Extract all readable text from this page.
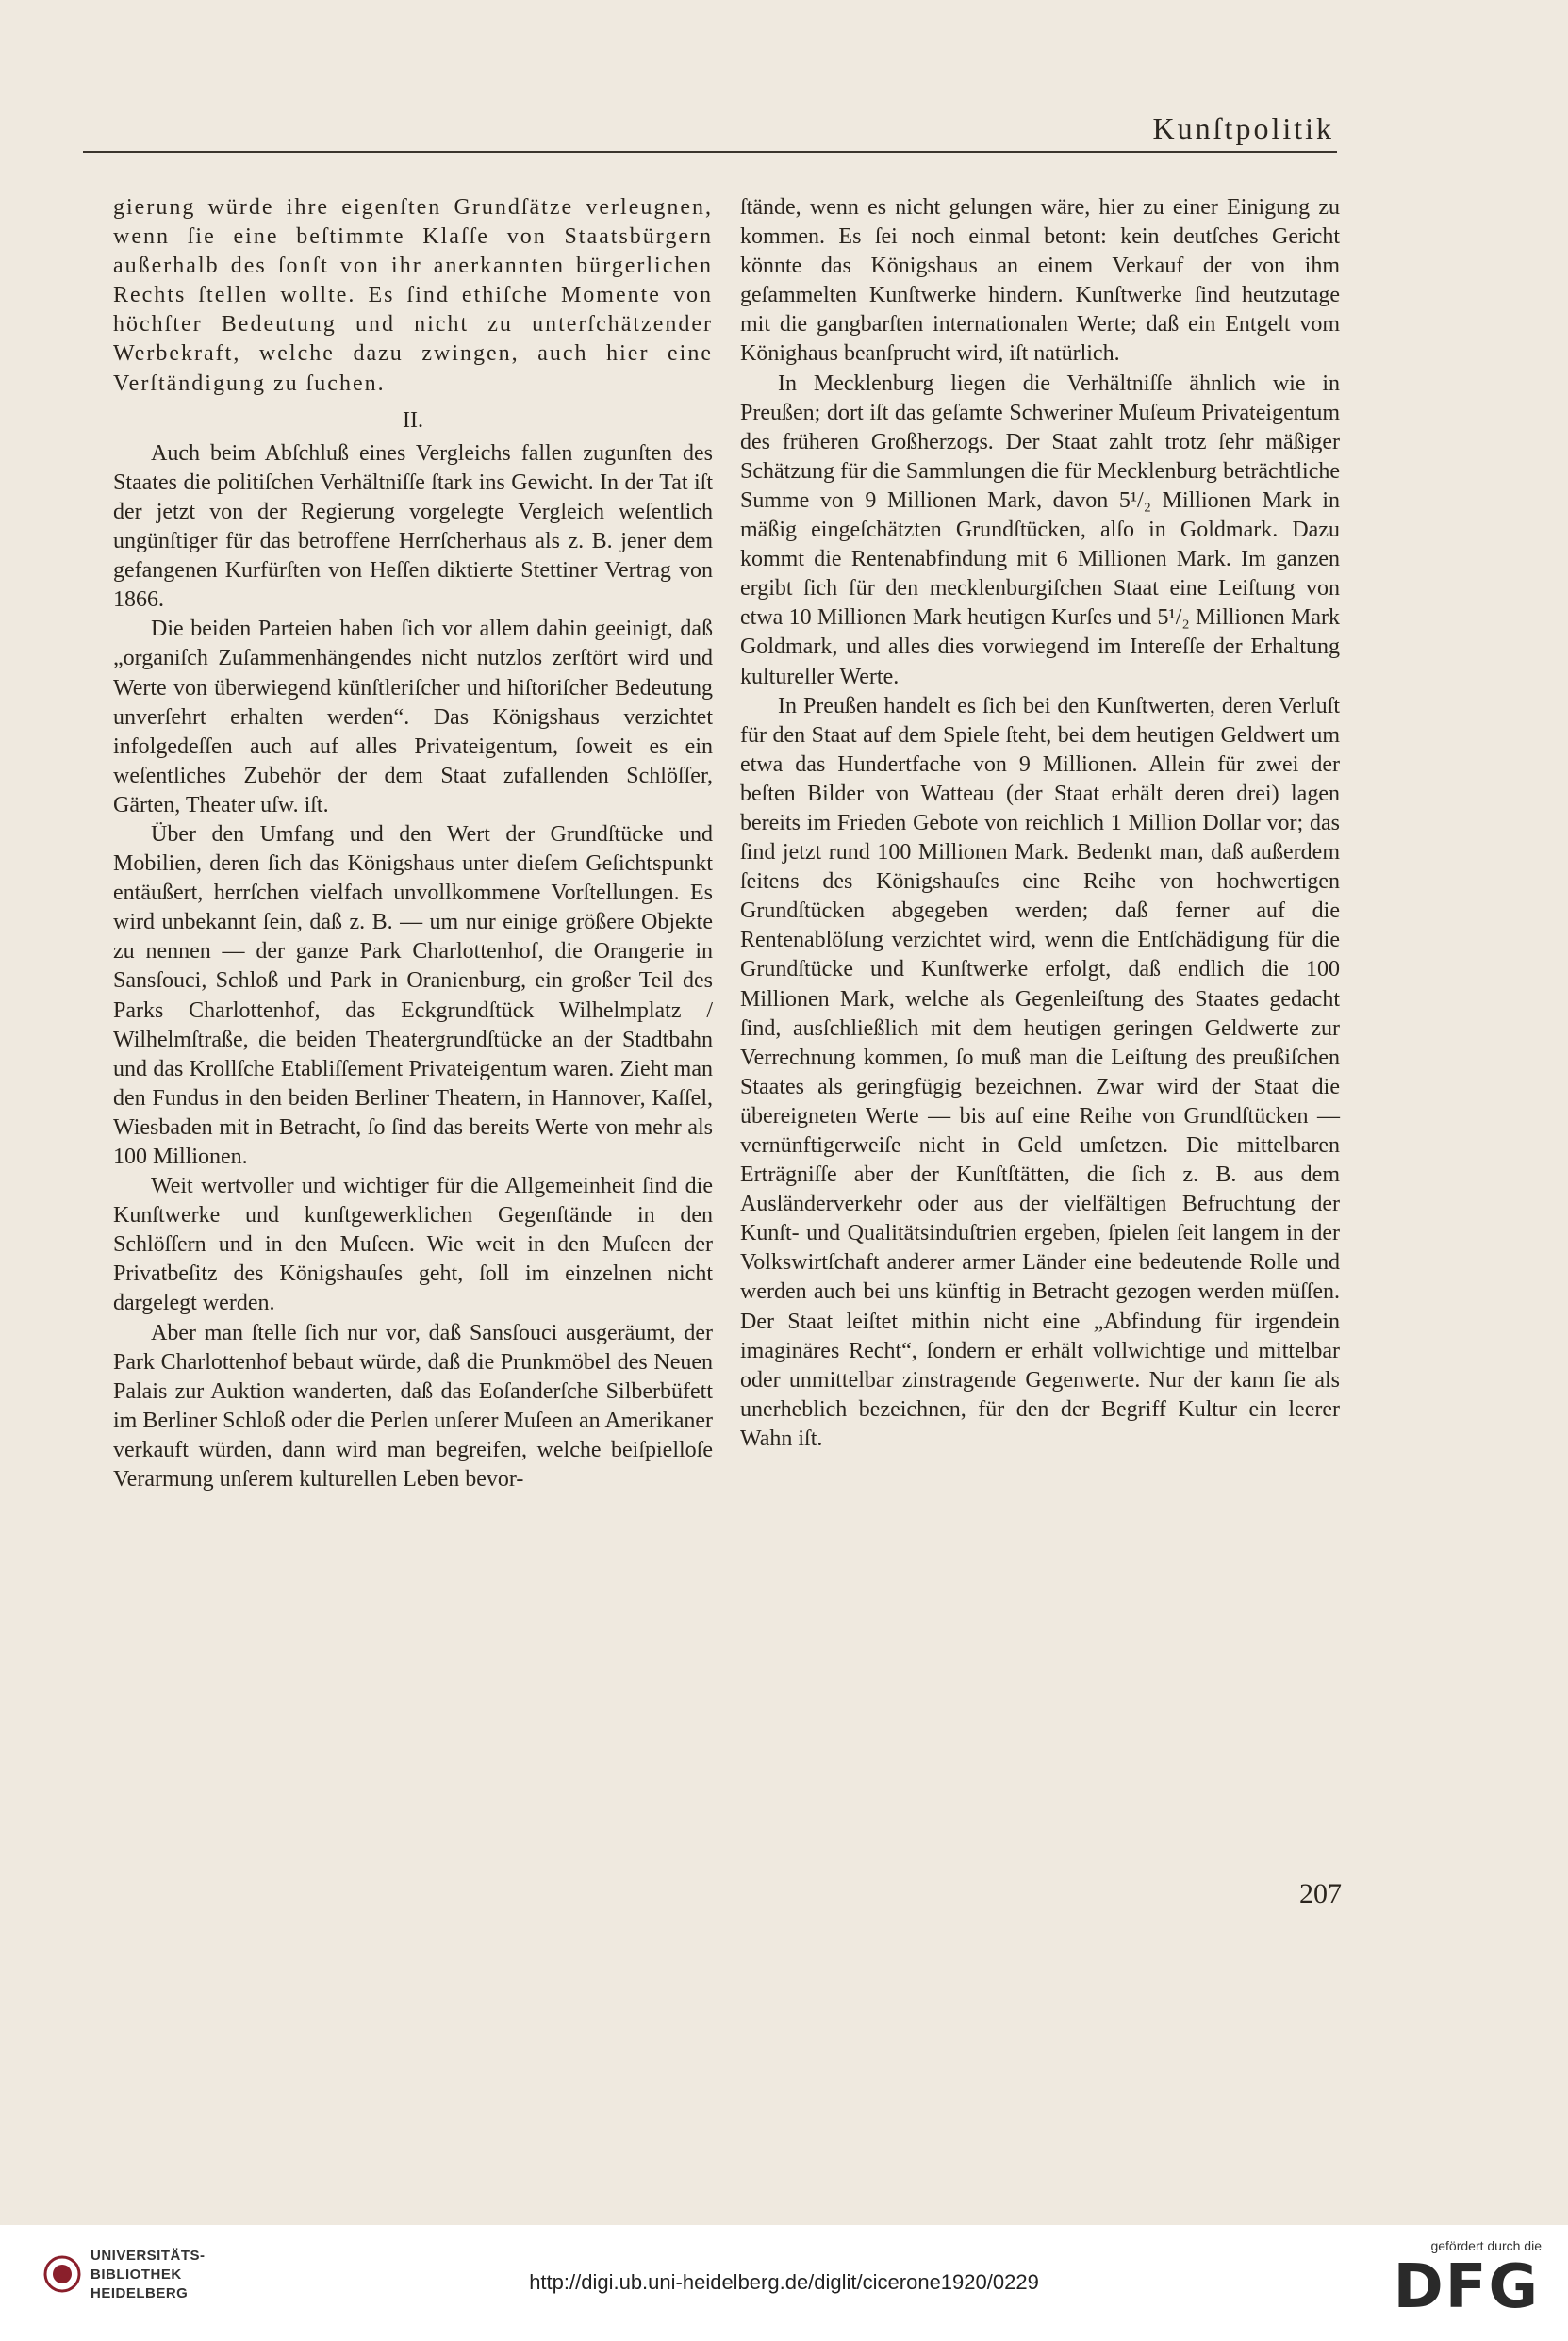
Kunſtpolitik

gierung würde ihre eigenſten Grundſätze verleugnen, wenn ſie eine beſtimmte Klaſſe von Staatsbürgern außerhalb des ſonſt von ihr anerkannten bürgerlichen Rechts ſtellen wollte. Es ſind ethiſche Momente von höchſter Bedeutung und nicht zu unterſchätzender Werbekraft, welche dazu zwingen, auch hier eine Verſtändigung zu ſuchen.

II.

Auch beim Abſchluß eines Vergleichs fallen zugunſten des Staates die politiſchen Verhältniſſe ſtark ins Gewicht. In der Tat iſt der jetzt von der Regierung vorgelegte Vergleich weſentlich ungünſtiger für das betroffene Herrſcherhaus als z. B. jener dem gefangenen Kurfürſten von Heſſen diktierte Stettiner Vertrag von 1866.

Die beiden Parteien haben ſich vor allem dahin geeinigt, daß „organiſch Zuſammenhängendes nicht nutzlos zerſtört wird und Werte von überwiegend künſtleriſcher und hiſtoriſcher Bedeutung unverſehrt erhalten werden“. Das Königshaus verzichtet infolgedeſſen auch auf alles Privateigentum, ſoweit es ein weſentliches Zubehör der dem Staat zufallenden Schlöſſer, Gärten, Theater uſw. iſt.

Über den Umfang und den Wert der Grundſtücke und Mobilien, deren ſich das Königshaus unter dieſem Geſichtspunkt entäußert, herrſchen vielfach unvollkommene Vorſtellungen. Es wird unbekannt ſein, daß z. B. — um nur einige größere Objekte zu nennen — der ganze Park Charlottenhof, die Orangerie in Sansſouci, Schloß und Park in Oranienburg, ein großer Teil des Parks Charlottenhof, das Eckgrundſtück Wilhelmplatz / Wilhelmſtraße, die beiden Theatergrundſtücke an der Stadtbahn und das Krollſche Etabliſſement Privateigentum waren. Zieht man den Fundus in den beiden Berliner Theatern, in Hannover, Kaſſel, Wiesbaden mit in Betracht, ſo ſind das bereits Werte von mehr als 100 Millionen.

Weit wertvoller und wichtiger für die Allgemeinheit ſind die Kunſtwerke und kunſtgewerklichen Gegenſtände in den Schlöſſern und in den Muſeen. Wie weit in den Muſeen der Privatbeſitz des Königshauſes geht, ſoll im einzelnen nicht dargelegt werden.

Aber man ſtelle ſich nur vor, daß Sansſouci ausgeräumt, der Park Charlottenhof bebaut würde, daß die Prunkmöbel des Neuen Palais zur Auktion wanderten, daß das Eoſanderſche Silberbüfett im Berliner Schloß oder die Perlen unſerer Muſeen an Amerikaner verkauft würden, dann wird man begreifen, welche beiſpielloſe Verarmung unſerem kulturellen Leben bevor-

ſtände, wenn es nicht gelungen wäre, hier zu einer Einigung zu kommen. Es ſei noch einmal betont: kein deutſches Gericht könnte das Königshaus an einem Verkauf der von ihm geſammelten Kunſtwerke hindern. Kunſtwerke ſind heutzutage mit die gangbarſten internationalen Werte; daß ein Entgelt vom Könighaus beanſprucht wird, iſt natürlich.

In Mecklenburg liegen die Verhältniſſe ähnlich wie in Preußen; dort iſt das geſamte Schweriner Muſeum Privateigentum des früheren Großherzogs. Der Staat zahlt trotz ſehr mäßiger Schätzung für die Sammlungen die für Mecklenburg beträchtliche Summe von 9 Millionen Mark, davon 5¹/₂ Millionen Mark in mäßig eingeſchätzten Grundſtücken, alſo in Goldmark. Dazu kommt die Rentenabfindung mit 6 Millionen Mark. Im ganzen ergibt ſich für den mecklenburgiſchen Staat eine Leiſtung von etwa 10 Millionen Mark heutigen Kurſes und 5¹/₂ Millionen Mark Goldmark, und alles dies vorwiegend im Intereſſe der Erhaltung kultureller Werte.

In Preußen handelt es ſich bei den Kunſtwerten, deren Verluſt für den Staat auf dem Spiele ſteht, bei dem heutigen Geldwert um etwa das Hundertfache von 9 Millionen. Allein für zwei der beſten Bilder von Watteau (der Staat erhält deren drei) lagen bereits im Frieden Gebote von reichlich 1 Million Dollar vor; das ſind jetzt rund 100 Millionen Mark. Bedenkt man, daß außerdem ſeitens des Königshauſes eine Reihe von hochwertigen Grundſtücken abgegeben werden; daß ferner auf die Rentenablöſung verzichtet wird, wenn die Entſchädigung für die Grundſtücke und Kunſtwerke erfolgt, daß endlich die 100 Millionen Mark, welche als Gegenleiſtung des Staates gedacht ſind, ausſchließlich mit dem heutigen geringen Geldwerte zur Verrechnung kommen, ſo muß man die Leiſtung des preußiſchen Staates als geringfügig bezeichnen. Zwar wird der Staat die übereigneten Werte — bis auf eine Reihe von Grundſtücken — vernünftigerweiſe nicht in Geld umſetzen. Die mittelbaren Erträgniſſe aber der Kunſtſtätten, die ſich z. B. aus dem Ausländerverkehr oder aus der vielfältigen Befruchtung der Kunſt- und Qualitätsinduſtrien ergeben, ſpielen ſeit langem in der Volkswirtſchaft anderer armer Länder eine bedeutende Rolle und werden auch bei uns künftig in Betracht gezogen werden müſſen. Der Staat leiſtet mithin nicht eine „Abfindung für irgendein imaginäres Recht“, ſondern er erhält vollwichtige und mittelbar oder unmittelbar zinstragende Gegenwerte. Nur der kann ſie als unerheblich bezeichnen, für den der Begriff Kultur ein leerer Wahn iſt.

207
UNIVERSITÄTS-
BIBLIOTHEK
HEIDELBERG	http://digi.ub.uni-heidelberg.de/diglit/cicerone1920/0229
gefördert durch die
DFG
